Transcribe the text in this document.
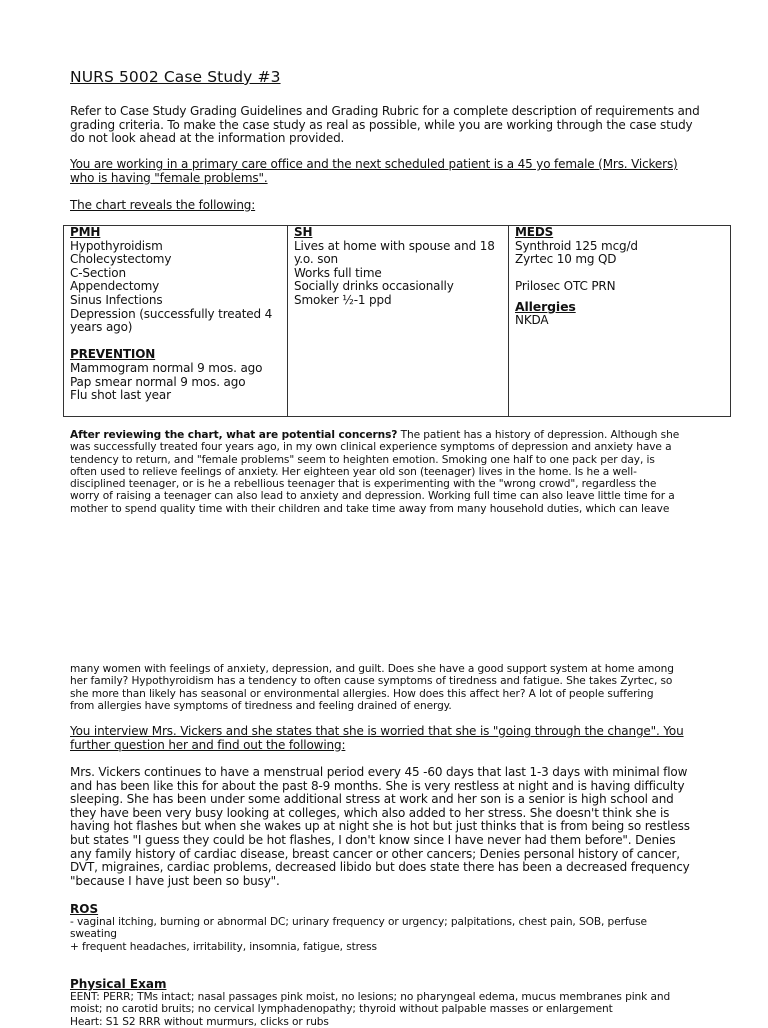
NURS 5002 Case Study #3
Refer to Case Study Grading Guidelines and Grading Rubric for a complete description of requirements and
grading criteria. To make the case study as real as possible, while you are working through the case study
do not look ahead at the information provided.
You are working in a primary care office and the next scheduled patient is a 45 yo female (Mrs. Vickers)
who is having "female problems".
The chart reveals the following:
PMH
Hypothyroidism
Cholecystectomy
C-Section
Appendectomy
Sinus Infections
Depression (successfully treated 4
years ago)
PREVENTION
Mammogram normal 9 mos. ago
Pap smear normal 9 mos. ago
Flu shot last year

SH
Lives at home with spouse and 18
y.o. son
Works full time
Socially drinks occasionally
Smoker ½-1 ppd

MEDS
Synthroid 125 mcg/d
Zyrtec 10 mg QD
Prilosec OTC PRN
Allergies
NKDA
After reviewing the chart, what are potential concerns? The patient has a history of depression. Although she
was successfully treated four years ago, in my own clinical experience symptoms of depression and anxiety have a
tendency to return, and "female problems" seem to heighten emotion. Smoking one half to one pack per day, is
often used to relieve feelings of anxiety. Her eighteen year old son (teenager) lives in the home. Is he a well-
disciplined teenager, or is he a rebellious teenager that is experimenting with the "wrong crowd", regardless the
worry of raising a teenager can also lead to anxiety and depression. Working full time can also leave little time for a
mother to spend quality time with their children and take time away from many household duties, which can leave
many women with feelings of anxiety, depression, and guilt. Does she have a good support system at home among
her family? Hypothyroidism has a tendency to often cause symptoms of tiredness and fatigue. She takes Zyrtec, so
she more than likely has seasonal or environmental allergies. How does this affect her? A lot of people suffering
from allergies have symptoms of tiredness and feeling drained of energy.
You interview Mrs. Vickers and she states that she is worried that she is "going through the change". You
further question her and find out the following:
Mrs. Vickers continues to have a menstrual period every 45 -60 days that last 1-3 days with minimal flow
and has been like this for about the past 8-9 months. She is very restless at night and is having difficulty
sleeping. She has been under some additional stress at work and her son is a senior is high school and
they have been very busy looking at colleges, which also added to her stress. She doesn't think she is
having hot flashes but when she wakes up at night she is hot but just thinks that is from being so restless
but states "I guess they could be hot flashes, I don't know since I have never had them before". Denies
any family history of cardiac disease, breast cancer or other cancers; Denies personal history of cancer,
DVT, migraines, cardiac problems, decreased libido but does state there has been a decreased frequency
"because I have just been so busy".
ROS
- vaginal itching, burning or abnormal DC; urinary frequency or urgency; palpitations, chest pain, SOB, perfuse
sweating
+ frequent headaches, irritability, insomnia, fatigue, stress
Physical Exam
EENT: PERR; TMs intact; nasal passages pink moist, no lesions; no pharyngeal edema, mucus membranes pink and
moist; no carotid bruits; no cervical lymphadenopathy; thyroid without palpable masses or enlargement
Heart: S1 S2 RRR without murmurs, clicks or rubs
